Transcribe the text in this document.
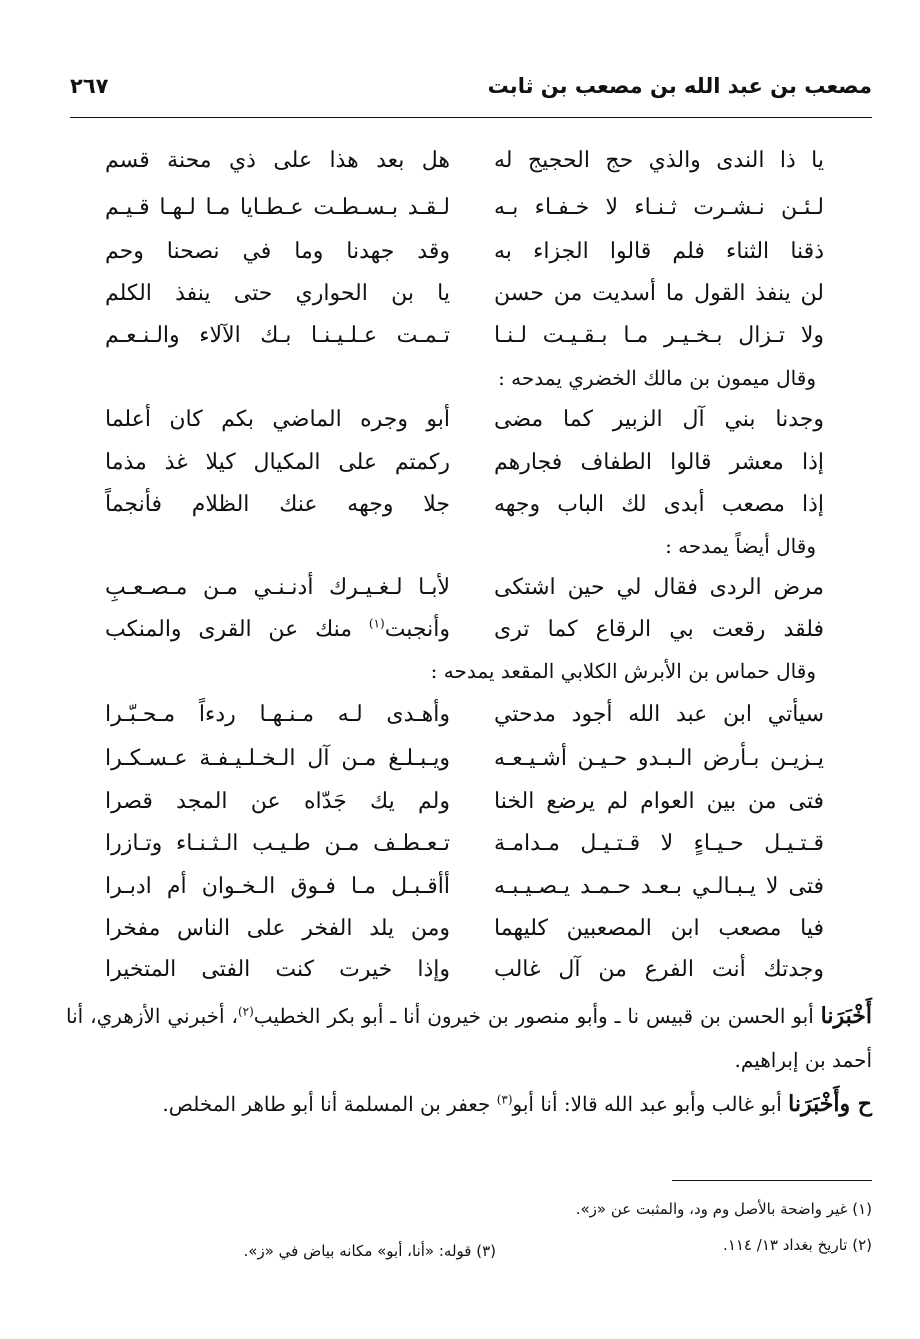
مصعب بن عبد الله بن مصعب بن ثابت
٢٦٧
يا ذا الندى والذي حج الحجيج له
هل بعد هذا على ذي محنة قسم
لـئـن نـشـرت ثـنـاء لا خـفـاء بـه
لـقـد بـسـطـت عـطـايا مـا لـهـا قـيـم
ذقنا الثناء فلم قالوا الجزاء به
وقد جهدنا وما في نصحنا وحم
لن ينفذ القول ما أسديت من حسن
يا بن الحواري حتى ينفذ الكلم
ولا تـزال بـخـيـر مـا بـقـيـت لـنـا
تـمـت عـلـيـنـا بـك الآلاء والـنـعـم
وقال ميمون بن مالك الخضري يمدحه :
وجدنا بني آل الزبير كما مضى
أبو وجره الماضي بكم كان أعلما
إذا معشر قالوا الطفاف فجارهم
ركمتم على المكيال كيلا غذ مذما
إذا مصعب أبدى لك الباب وجهه
جلا وجهه عنك الظلام فأنجماً
وقال أيضاً يمدحه :
مرض الردى فقال لي حين اشتكى
لأبـا لـغـيـرك أدنـنـي مـن مـصـعـبِ
فلقد رقعت بي الرقاع كما ترى
وأنجبت$^{(١)}$ منك عن القرى والمنكب
وقال حماس بن الأبرش الكلابي المقعد يمدحه :
سيأتي ابن عبد الله أجود مدحتي
وأهـدى لـه مـنـهـا ردءاً مـحـبّـرا
يـزيـن بـأرض الـبـدو حـيـن أشـيـعـه
ويـبـلـغ مـن آل الـخـلـيـفـة عـسـكـرا
فتى من بين العوام لم يرضع الخنا
ولم يك جَدّاه عن المجد قصرا
قـتـيـل حـيـاءٍ لا قـتـيـل مـدامـة
تـعـطـف مـن طـيـب الـثـنـاء وتـازرا
فتى لا يـبـالـي بـعـد حـمـد يـصـيـبـه
أأقـبـل مـا فـوق الـخـوان أم ادبـرا
فيا مصعب ابن المصعبين كليهما
ومن يلد الفخر على الناس مفخرا
وجدتك أنت الفرع من آل غالب
وإذا خيرت كنت الفتى المتخيرا
أَخْبَرَنا أبو الحسن بن قبيس نا ـ وأبو منصور بن خيرون أنا ـ أبو بكر الخطيب$^{(٢)}$، أخبرني الأزهري، أنا أحمد بن إبراهيم.
ح وأَخْبَرَنا أبو غالب وأبو عبد الله قالا: أنا أبو$^{(٣)}$ جعفر بن المسلمة أنا أبو طاهر المخلص.
(١) غير واضحة بالأصل وم ود، والمثبت عن «ز».
(٢) تاريخ بغداد ١٣/ ١١٤.
(٣) قوله: «أنا، أبو» مكانه بياض في «ز».
